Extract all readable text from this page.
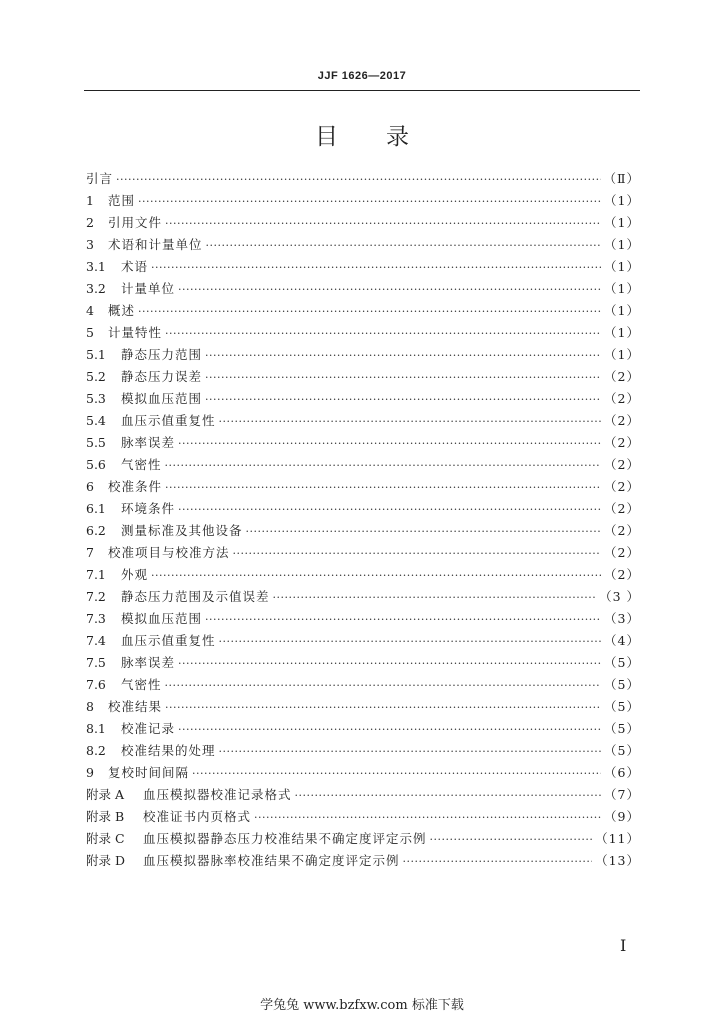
JJF 1626—2017
目录
引言 ·····	（Ⅱ）
1	范围 ·····	（1）
2	引用文件 ·····	（1）
3	术语和计量单位 ·····	（1）
3.1	术语 ·····	（1）
3.2	计量单位 ·····	（1）
4	概述 ·····	（1）
5	计量特性 ·····	（1）
5.1	静态压力范围 ·····	（1）
5.2	静态压力误差 ·····	（2）
5.3	模拟血压范围 ·····	（2）
5.4	血压示值重复性 ·····	（2）
5.5	脉率误差 ·····	（2）
5.6	气密性 ·····	（2）
6	校准条件 ·····	（2）
6.1	环境条件 ·····	（2）
6.2	测量标准及其他设备 ·····	（2）
7	校准项目与校准方法 ·····	（2）
7.1	外观 ·····	（2）
7.2	静态压力范围及示值误差 ·····	（3 ）
7.3	模拟血压范围 ·····	（3）
7.4	血压示值重复性 ·····	（4）
7.5	脉率误差 ·····	（5）
7.6	气密性 ·····	（5）
8	校准结果 ·····	（5）
8.1	校准记录 ·····	（5）
8.2	校准结果的处理 ·····	（5）
9	复校时间间隔 ·····	（6）
附录 A	血压模拟器校准记录格式 ·····	（7）
附录 B	校准证书内页格式 ·····	（9）
附录 C	血压模拟器静态压力校准结果不确定度评定示例 ·····	（11）
附录 D	血压模拟器脉率校准结果不确定度评定示例 ·····	（13）
I
学兔兔 www.bzfxw.com 标准下载
